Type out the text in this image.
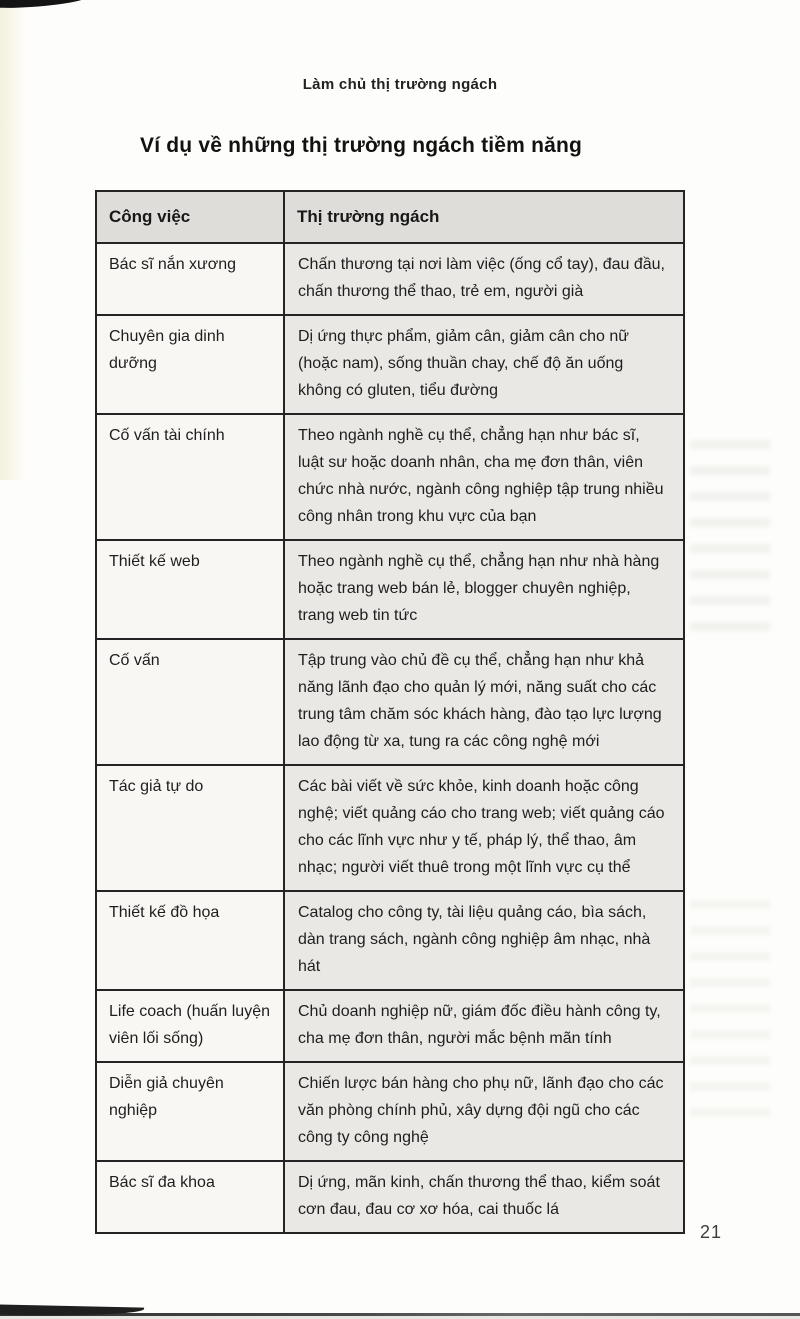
Làm chủ thị trường ngách
Ví dụ về những thị trường ngách tiềm năng
Công việc	Thị trường ngách
Bác sĩ nắn xương	Chấn thương tại nơi làm việc (ống cổ tay), đau đầu, chấn thương thể thao, trẻ em, người già
Chuyên gia dinh dưỡng	Dị ứng thực phẩm, giảm cân, giảm cân cho nữ (hoặc nam), sống thuần chay, chế độ ăn uống không có gluten, tiểu đường
Cố vấn tài chính	Theo ngành nghề cụ thể, chẳng hạn như bác sĩ, luật sư hoặc doanh nhân, cha mẹ đơn thân, viên chức nhà nước, ngành công nghiệp tập trung nhiều công nhân trong khu vực của bạn
Thiết kế web	Theo ngành nghề cụ thể, chẳng hạn như nhà hàng hoặc trang web bán lẻ, blogger chuyên nghiệp, trang web tin tức
Cố vấn	Tập trung vào chủ đề cụ thể, chẳng hạn như khả năng lãnh đạo cho quản lý mới, năng suất cho các trung tâm chăm sóc khách hàng, đào tạo lực lượng lao động từ xa, tung ra các công nghệ mới
Tác giả tự do	Các bài viết về sức khỏe, kinh doanh hoặc công nghệ; viết quảng cáo cho trang web; viết quảng cáo cho các lĩnh vực như y tế, pháp lý, thể thao, âm nhạc; người viết thuê trong một lĩnh vực cụ thể
Thiết kế đồ họa	Catalog cho công ty, tài liệu quảng cáo, bìa sách, dàn trang sách, ngành công nghiệp âm nhạc, nhà hát
Life coach (huấn luyện viên lối sống)	Chủ doanh nghiệp nữ, giám đốc điều hành công ty, cha mẹ đơn thân, người mắc bệnh mãn tính
Diễn giả chuyên nghiệp	Chiến lược bán hàng cho phụ nữ, lãnh đạo cho các văn phòng chính phủ, xây dựng đội ngũ cho các công ty công nghệ
Bác sĩ đa khoa	Dị ứng, mãn kinh, chấn thương thể thao, kiểm soát cơn đau, đau cơ xơ hóa, cai thuốc lá
21
